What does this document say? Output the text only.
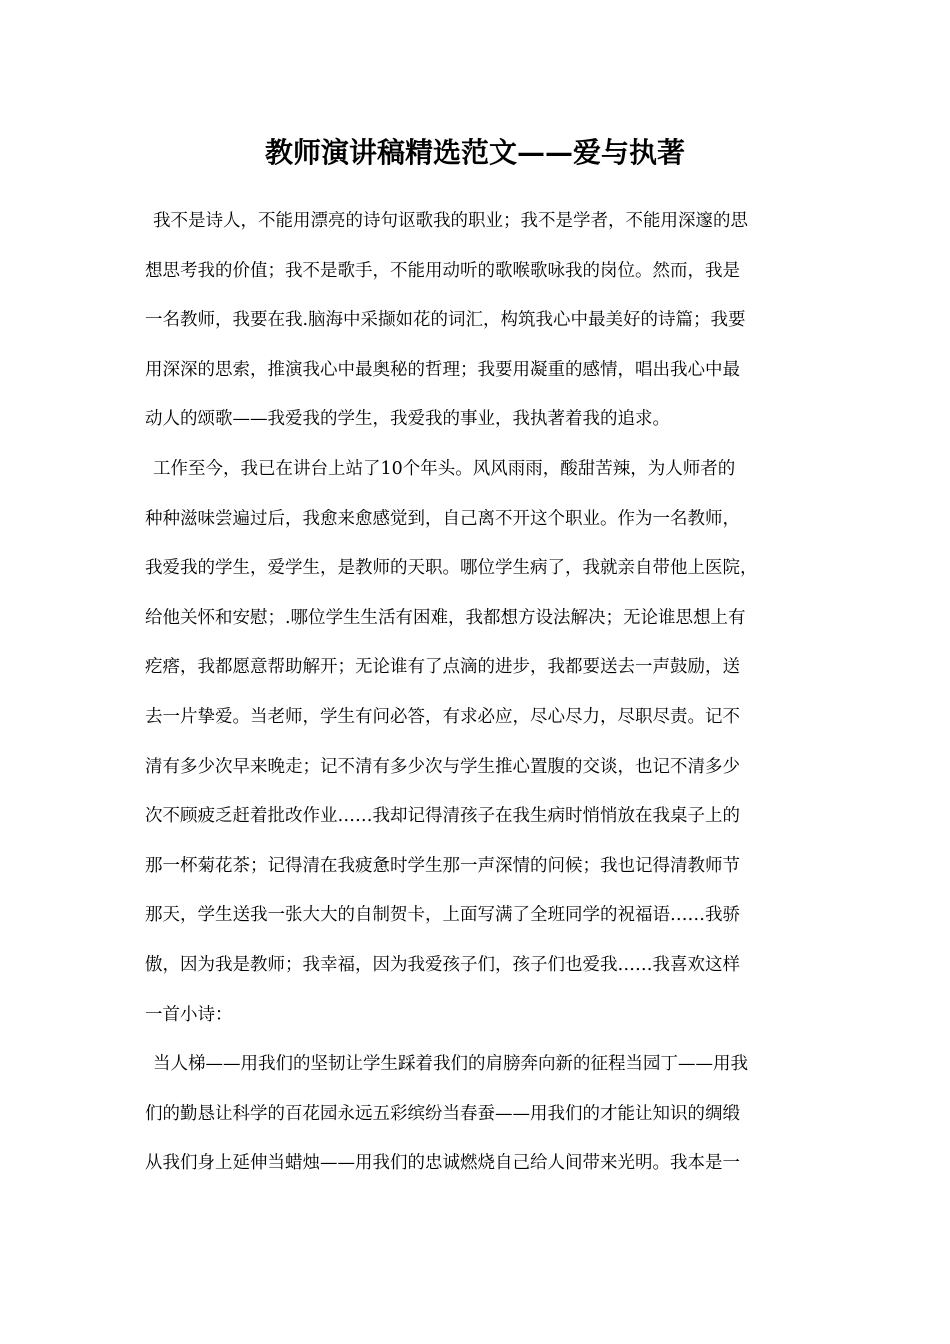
教师演讲稿精选范文——爱与执著
我不是诗人，不能用漂亮的诗句讴歌我的职业；我不是学者，不能用深邃的思
想思考我的价值；我不是歌手，不能用动听的歌喉歌咏我的岗位。然而，我是
一名教师，我要在我.脑海中采撷如花的词汇，构筑我心中最美好的诗篇；我要
用深深的思索，推演我心中最奥秘的哲理；我要用凝重的感情，唱出我心中最
动人的颂歌——我爱我的学生，我爱我的事业，我执著着我的追求。
工作至今，我已在讲台上站了10个年头。风风雨雨，酸甜苦辣，为人师者的
种种滋味尝遍过后，我愈来愈感觉到，自己离不开这个职业。作为一名教师，
我爱我的学生，爱学生，是教师的天职。哪位学生病了，我就亲自带他上医院，
给他关怀和安慰；.哪位学生生活有困难，我都想方设法解决；无论谁思想上有
疙瘩，我都愿意帮助解开；无论谁有了点滴的进步，我都要送去一声鼓励，送
去一片挚爱。当老师，学生有问必答，有求必应，尽心尽力，尽职尽责。记不
清有多少次早来晚走；记不清有多少次与学生推心置腹的交谈，也记不清多少
次不顾疲乏赶着批改作业……我却记得清孩子在我生病时悄悄放在我桌子上的
那一杯菊花茶；记得清在我疲惫时学生那一声深情的问候；我也记得清教师节
那天，学生送我一张大大的自制贺卡，上面写满了全班同学的祝福语……我骄
傲，因为我是教师；我幸福，因为我爱孩子们，孩子们也爱我……我喜欢这样
一首小诗：
当人梯——用我们的坚韧让学生踩着我们的肩膀奔向新的征程当园丁——用我
们的勤恳让科学的百花园永远五彩缤纷当春蚕——用我们的才能让知识的绸缎
从我们身上延伸当蜡烛——用我们的忠诚燃烧自己给人间带来光明。我本是一
